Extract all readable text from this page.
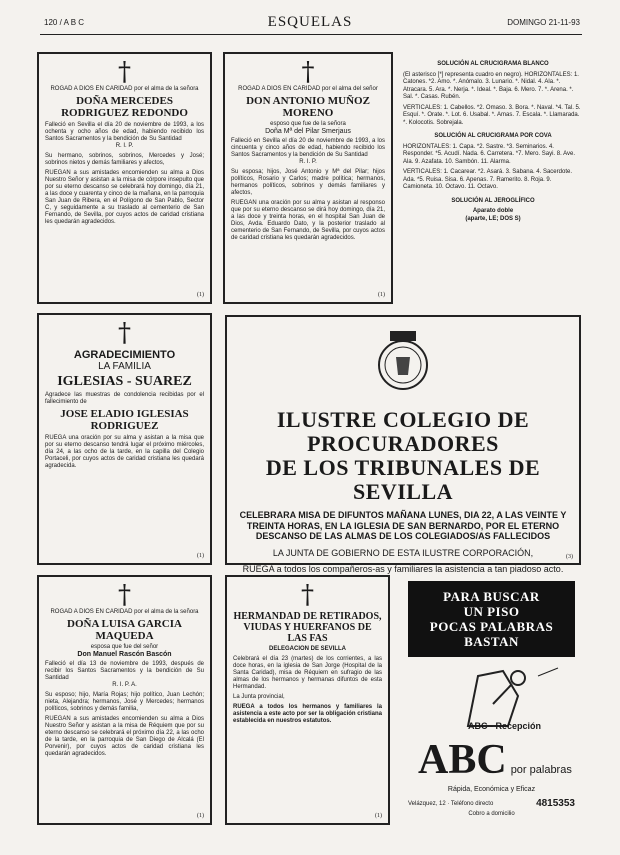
120 / A B C	ESQUELAS	DOMINGO 21-11-93
†
ROGAD A DIOS EN CARIDAD por el alma de la señora
DOÑA MERCEDES RODRIGUEZ REDONDO
Falleció en Sevilla el día 20 de noviembre de 1993, a los ochenta y ocho años de edad, habiendo recibido los Santos Sacramentos y la bendición de Su Santidad
R. I. P.
Su hermano, sobrinos, sobrinos, Mercedes y José; sobrinos nietos y demás familiares y afectos,
RUEGAN a sus amistades encomienden su alma a Dios Nuestro Señor y asistan a la misa de córpore insepulto que por su eterno descanso se celebrará hoy domingo, día 21, a las doce y cuarenta y cinco de la mañana, en la parroquia San Juan de Ribera, en el Polígono de San Pablo, Sector C, y seguidamente a su traslado al cementerio de San Fernando, de Sevilla, por cuyos actos de caridad cristiana les quedarán agradecidos.
(1)
†
ROGAD A DIOS EN CARIDAD por el alma del señor
DON ANTONIO MUÑOZ MORENO
esposo que fue de la señora
Doña Mª del Pilar Smerjaus
Falleció en Sevilla el día 20 de noviembre de 1993, a los cincuenta y cinco años de edad, habiendo recibido los Santos Sacramentos y la bendición de Su Santidad
R. I. P.
Su esposa; hijos, José Antonio y Mª del Pilar; hijos políticos, Rosario y Carlos; madre política; hermanos, hermanos políticos, sobrinos y demás familiares y afectos,
RUEGAN una oración por su alma y asistan al responso que por su eterno descanso se dirá hoy domingo, día 21, a las doce y treinta horas, en el hospital San Juan de Dios, Avda. Eduardo Dato, y la posterior traslado al cementerio de San Fernando, de Sevilla, por cuyos actos de caridad cristiana les quedarán agradecidos.
(1)
SOLUCIÓN AL CRUCIGRAMA BLANCO
(El asterisco [*] representa cuadro en negro). HORIZONTALES: 1. Catones. *2. Amo. *. Anómalo. 3. Lunario. *. Nidal. 4. Ala. *. Atracara. 5. Ara. *. Nerja. *. Ideal. *. Baja. 6. Mero. 7. *. Arena. *. Sal. *. Casas. Rubén.
VERTICALES: 1. Cabellos. *2. Omaso. 3. Bora. *. Naval. *4. Tal. 5. Esquí. *. Orate. *. Lot. 6. Usabal. *. Amas. 7. Escala. *. Llamarada. *. Kolocotis. Sobrejala.
SOLUCIÓN AL CRUCIGRAMA POR COVA
HORIZONTALES: 1. Capa. *2. Sastre. *3. Seminarios. 4. Responder. *5. Acudí. Nada. 6. Carretera. *7. Mero. Sayi. 8. Ave. Ala. 9. Azafata. 10. Sambón. 11. Alarma.
VERTICALES: 1. Cacarear. *2. Asará. 3. Sabana. 4. Sacerdote. Ada. *5. Ruisa. Sisa. 6. Apenas. 7. Ramerito. 8. Roja. 9. Camioneta. 10. Octavo. 11. Octavo.
SOLUCIÓN AL JEROGLÍFICO
Aparato doble
(aparte, LE; DOS S)
†
AGRADECIMIENTO
LA FAMILIA
IGLESIAS - SUAREZ
Agradece las muestras de condolencia recibidas por el fallecimiento de
JOSE ELADIO IGLESIAS RODRIGUEZ
RUEGA una oración por su alma y asistan a la misa que por su eterno descanso tendrá lugar el próximo miércoles, día 24, a las ocho de la tarde, en la capilla del Colegio Portaceli, por cuyos actos de caridad cristiana les quedará agradecida.
(1)
ILUSTRE COLEGIO DE PROCURADORES
DE LOS TRIBUNALES DE SEVILLA
CELEBRARA MISA DE DIFUNTOS MAÑANA LUNES, DIA 22, A LAS VEINTE Y TREINTA HORAS, EN LA IGLESIA DE SAN BERNARDO, POR EL ETERNO DESCANSO DE LAS ALMAS DE LOS COLEGIADOS/AS FALLECIDOS
LA JUNTA DE GOBIERNO DE ESTA ILUSTRE CORPORACIÓN,
RUEGA a todos los compañeros-as y familiares la asistencia a tan piadoso acto.
(3)
†
ROGAD A DIOS EN CARIDAD por el alma de la señora
DOÑA LUISA GARCIA MAQUEDA
esposa que fue del señor
Don Manuel Rascón Bascón
Falleció el día 13 de noviembre de 1993, después de recibir los Santos Sacramentos y la bendición de Su Santidad
R. I. P. A.
Su esposo; hijo, María Rojas; hijo político, Juan Lechón; nieta, Alejandra; hermanos, José y Mercedes; hermanos políticos, sobrinos y demás familia,
RUEGAN a sus amistades encomienden su alma a Dios Nuestro Señor y asistan a la misa de Réquiem que por su eterno descanso se celebrará el próximo día 22, a las ocho de la tarde, en la parroquia de San Diego de Alcalá (El Porvenir), por cuyos actos de caridad cristiana les quedarán agradecidos.
(1)
†
HERMANDAD DE RETIRADOS, VIUDAS Y HUERFANOS DE LAS FAS
DELEGACION DE SEVILLA
Celebrará el día 23 (martes) de los corrientes, a las doce horas, en la iglesia de San Jorge (Hospital de la Santa Caridad), misa de Réquiem en sufragio de las almas de los hermanos y hermanas difuntos de esta Hermandad.
La Junta provincial,
RUEGA a todos los hermanos y familiares la asistencia a este acto por ser la obligación cristiana establecida en nuestros estatutos.
(1)
PARA BUSCAR
UN PISO
POCAS PALABRAS
BASTAN
ABC por palabras
ABC - Recepción
Rápida, Económica y Eficaz
Velázquez, 12 · Teléfono directo	4815353
Cobro a domicilio
